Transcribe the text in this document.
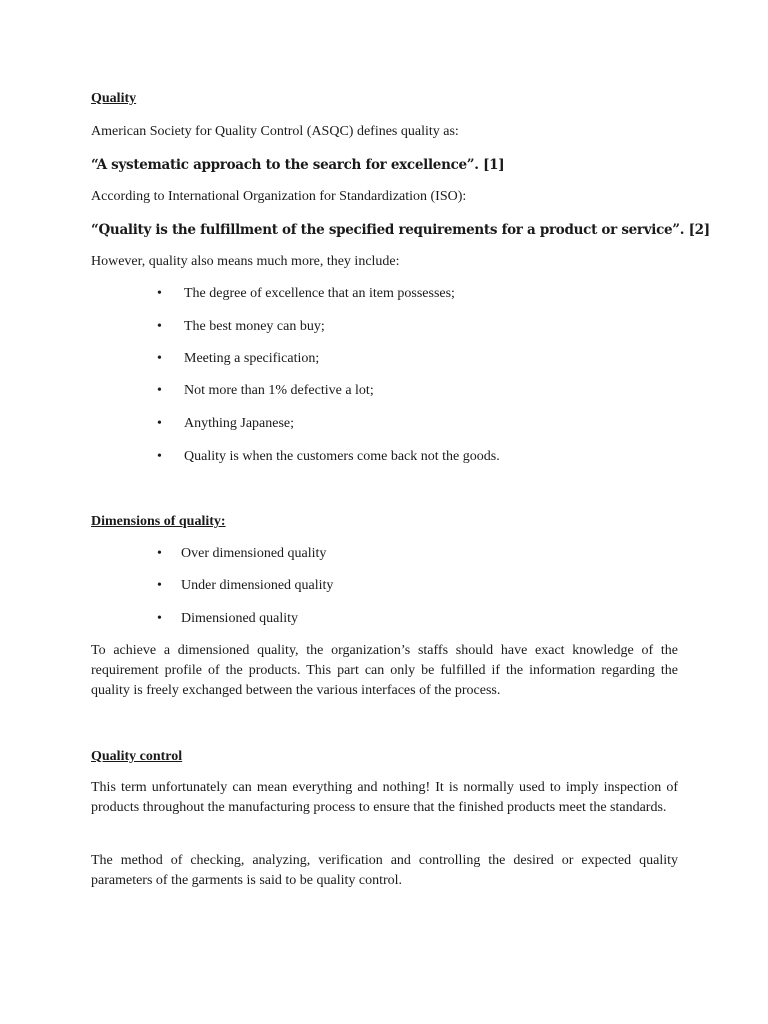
Quality
American Society for Quality Control (ASQC) defines quality as:
“A systematic approach to the search for excellence”. [1]
According to International Organization for Standardization (ISO):
“Quality is the fulfillment of the specified requirements for a product or service”. [2]
However, quality also means much more, they include:
• The degree of excellence that an item possesses;
• The best money can buy;
• Meeting a specification;
• Not more than 1% defective a lot;
• Anything Japanese;
• Quality is when the customers come back not the goods.
Dimensions of quality:
• Over dimensioned quality
• Under dimensioned quality
• Dimensioned quality
To achieve a dimensioned quality, the organization’s staffs should have exact knowledge of the requirement profile of the products. This part can only be fulfilled if the information regarding the quality is freely exchanged between the various interfaces of the process.
Quality control
This term unfortunately can mean everything and nothing! It is normally used to imply inspection of products throughout the manufacturing process to ensure that the finished products meet the standards.
The method of checking, analyzing, verification and controlling the desired or expected quality parameters of the garments is said to be quality control.
